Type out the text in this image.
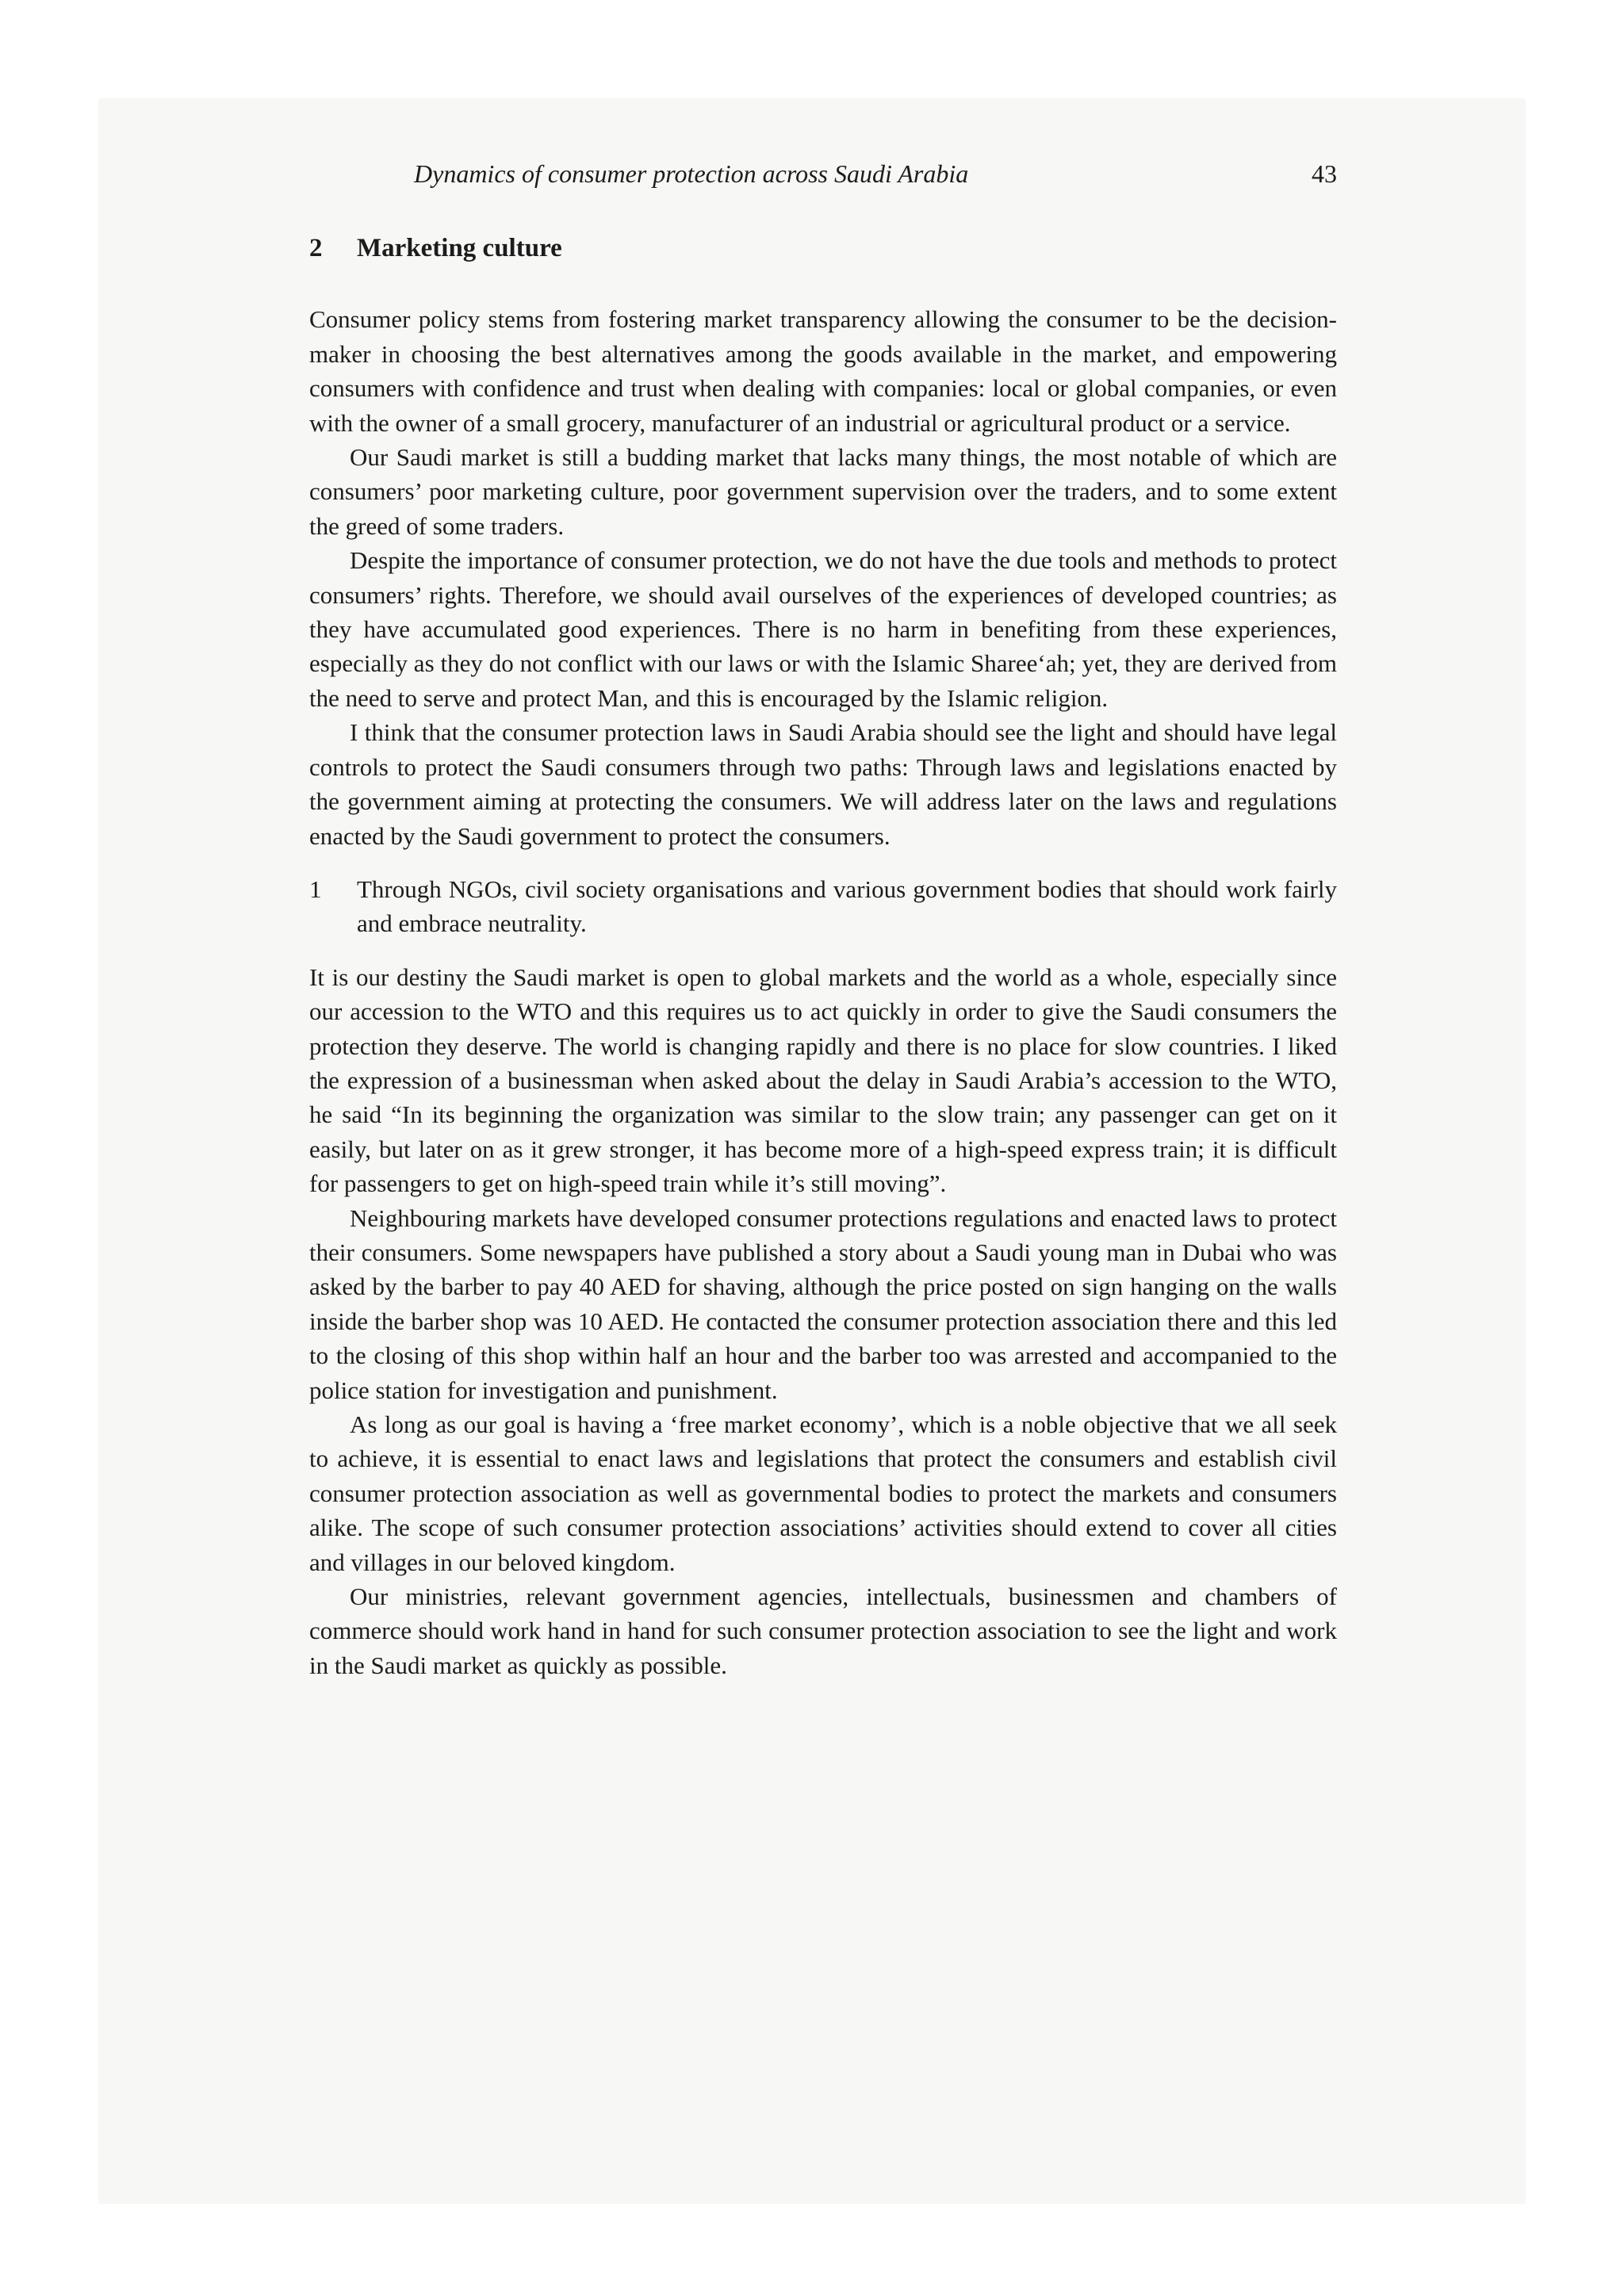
Dynamics of consumer protection across Saudi Arabia	43
2	Marketing culture

Consumer policy stems from fostering market transparency allowing the consumer to be the decision-maker in choosing the best alternatives among the goods available in the market, and empowering consumers with confidence and trust when dealing with companies: local or global companies, or even with the owner of a small grocery, manufacturer of an industrial or agricultural product or a service.

Our Saudi market is still a budding market that lacks many things, the most notable of which are consumers’ poor marketing culture, poor government supervision over the traders, and to some extent the greed of some traders.

Despite the importance of consumer protection, we do not have the due tools and methods to protect consumers’ rights. Therefore, we should avail ourselves of the experiences of developed countries; as they have accumulated good experiences. There is no harm in benefiting from these experiences, especially as they do not conflict with our laws or with the Islamic Sharee‘ah; yet, they are derived from the need to serve and protect Man, and this is encouraged by the Islamic religion.

I think that the consumer protection laws in Saudi Arabia should see the light and should have legal controls to protect the Saudi consumers through two paths: Through laws and legislations enacted by the government aiming at protecting the consumers. We will address later on the laws and regulations enacted by the Saudi government to protect the consumers.

1	Through NGOs, civil society organisations and various government bodies that should work fairly and embrace neutrality.

It is our destiny the Saudi market is open to global markets and the world as a whole, especially since our accession to the WTO and this requires us to act quickly in order to give the Saudi consumers the protection they deserve. The world is changing rapidly and there is no place for slow countries. I liked the expression of a businessman when asked about the delay in Saudi Arabia’s accession to the WTO, he said “In its beginning the organization was similar to the slow train; any passenger can get on it easily, but later on as it grew stronger, it has become more of a high-speed express train; it is difficult for passengers to get on high-speed train while it’s still moving”.

Neighbouring markets have developed consumer protections regulations and enacted laws to protect their consumers. Some newspapers have published a story about a Saudi young man in Dubai who was asked by the barber to pay 40 AED for shaving, although the price posted on sign hanging on the walls inside the barber shop was 10 AED. He contacted the consumer protection association there and this led to the closing of this shop within half an hour and the barber too was arrested and accompanied to the police station for investigation and punishment.

As long as our goal is having a ‘free market economy’, which is a noble objective that we all seek to achieve, it is essential to enact laws and legislations that protect the consumers and establish civil consumer protection association as well as governmental bodies to protect the markets and consumers alike. The scope of such consumer protection associations’ activities should extend to cover all cities and villages in our beloved kingdom.

Our ministries, relevant government agencies, intellectuals, businessmen and chambers of commerce should work hand in hand for such consumer protection association to see the light and work in the Saudi market as quickly as possible.
